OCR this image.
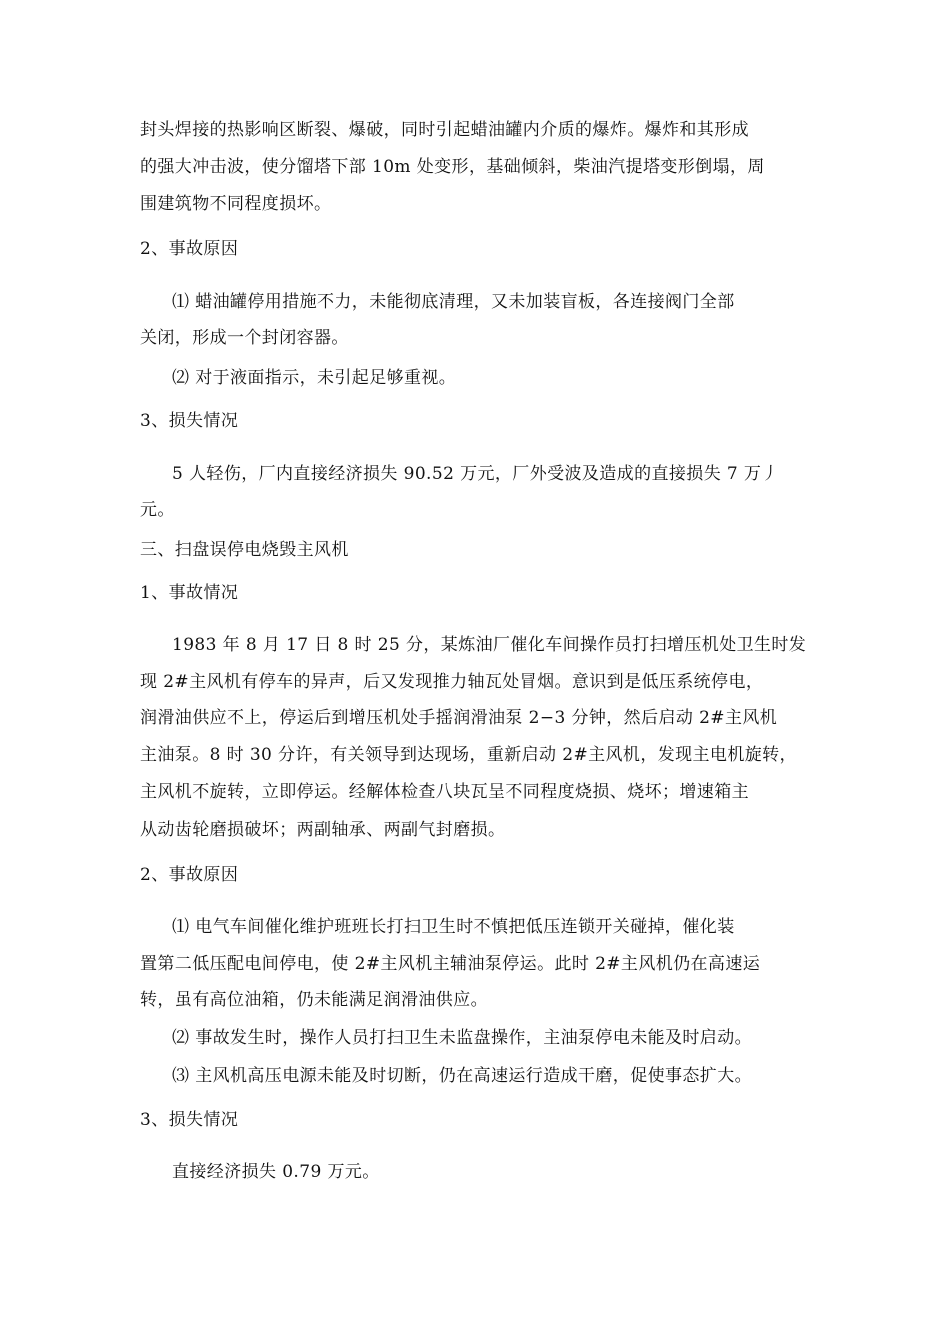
封头焊接的热影响区断裂、爆破，同时引起蜡油罐内介质的爆炸。爆炸和其形成
的强大冲击波，使分馏塔下部 10m 处变形，基础倾斜，柴油汽提塔变形倒塌，周
围建筑物不同程度损坏。
2、事故原因
⑴ 蜡油罐停用措施不力，未能彻底清理，又未加装盲板，各连接阀门全部
关闭，形成一个封闭容器。
⑵ 对于液面指示，未引起足够重视。
3、损失情况
5 人轻伤，厂内直接经济损失 90.52 万元，厂外受波及造成的直接损失 7 万丿
元。
三、扫盘误停电烧毁主风机
1、事故情况
1983 年 8 月 17 日 8 时 25 分，某炼油厂催化车间操作员打扫增压机处卫生时发
现 2#主风机有停车的异声，后又发现推力轴瓦处冒烟。意识到是低压系统停电，
润滑油供应不上，停运后到增压机处手摇润滑油泵 2−3 分钟，然后启动 2#主风机
主油泵。8 时 30 分许，有关领导到达现场，重新启动 2#主风机，发现主电机旋转，
主风机不旋转，立即停运。经解体检查八块瓦呈不同程度烧损、烧坏；增速箱主
从动齿轮磨损破坏；两副轴承、两副气封磨损。
2、事故原因
⑴ 电气车间催化维护班班长打扫卫生时不慎把低压连锁开关碰掉，催化装
置第二低压配电间停电，使 2#主风机主辅油泵停运。此时 2#主风机仍在高速运
转，虽有高位油箱，仍未能满足润滑油供应。
⑵ 事故发生时，操作人员打扫卫生未监盘操作，主油泵停电未能及时启动。
⑶ 主风机高压电源未能及时切断，仍在高速运行造成干磨，促使事态扩大。
3、损失情况
直接经济损失 0.79 万元。
